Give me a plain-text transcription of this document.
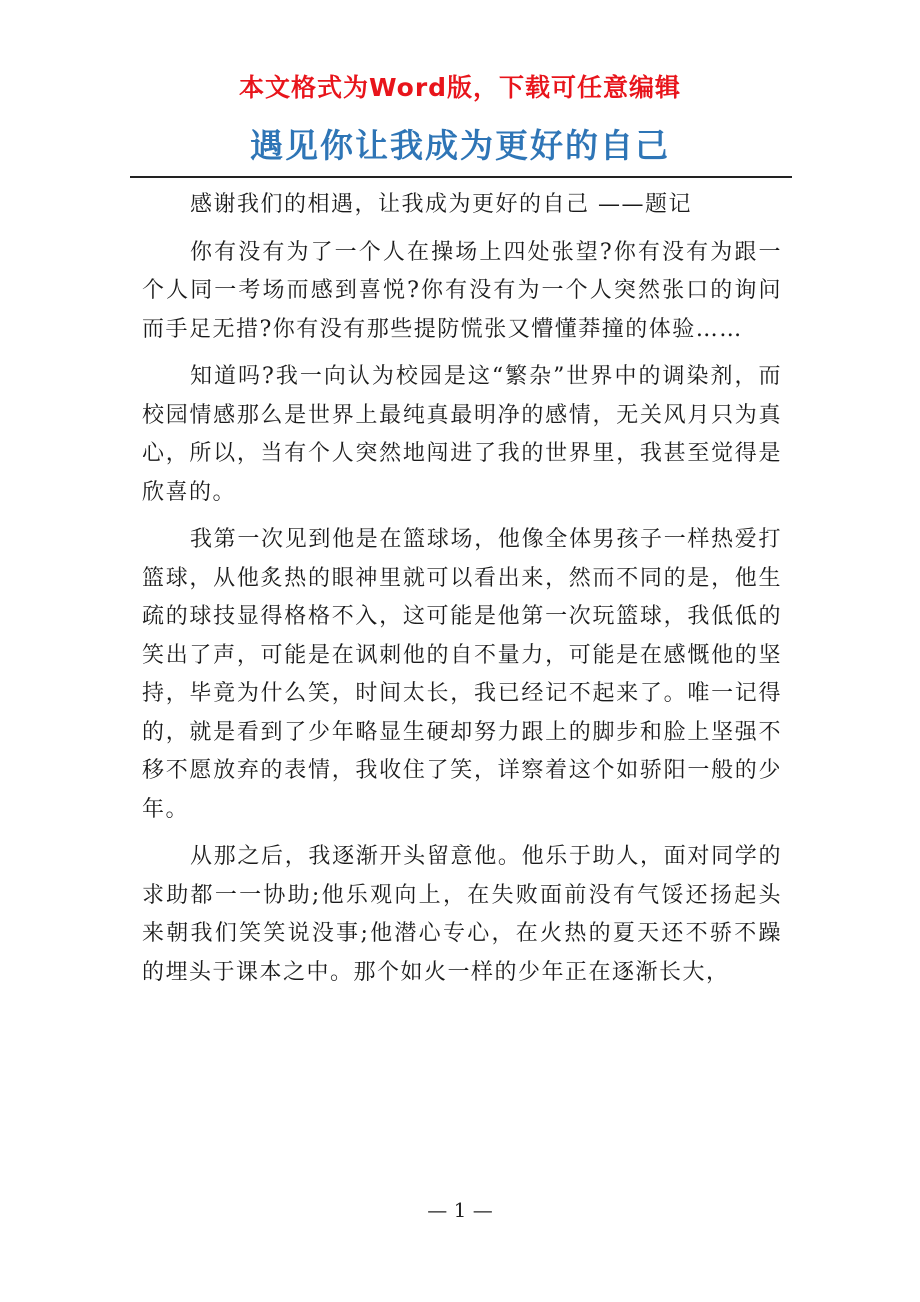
本文格式为Word版，下载可任意编辑
遇见你让我成为更好的自己

感谢我们的相遇，让我成为更好的自己 ——题记

你有没有为了一个人在操场上四处张望?你有没有为跟一个人同一考场而感到喜悦?你有没有为一个人突然张口的询问而手足无措?你有没有那些提防慌张又懵懂莽撞的体验……

知道吗?我一向认为校园是这“繁杂”世界中的调染剂，而校园情感那么是世界上最纯真最明净的感情，无关风月只为真心，所以，当有个人突然地闯进了我的世界里，我甚至觉得是欣喜的。

我第一次见到他是在篮球场，他像全体男孩子一样热爱打篮球，从他炙热的眼神里就可以看出来，然而不同的是，他生疏的球技显得格格不入，这可能是他第一次玩篮球，我低低的笑出了声，可能是在讽刺他的自不量力，可能是在感慨他的坚持，毕竟为什么笑，时间太长，我已经记不起来了。唯一记得的，就是看到了少年略显生硬却努力跟上的脚步和脸上坚强不移不愿放弃的表情，我收住了笑，详察着这个如骄阳一般的少年。

从那之后，我逐渐开头留意他。他乐于助人，面对同学的求助都一一协助;他乐观向上，在失败面前没有气馁还扬起头来朝我们笑笑说没事;他潜心专心，在火热的夏天还不骄不躁的埋头于课本之中。那个如火一样的少年正在逐渐长大，

— 1 —
